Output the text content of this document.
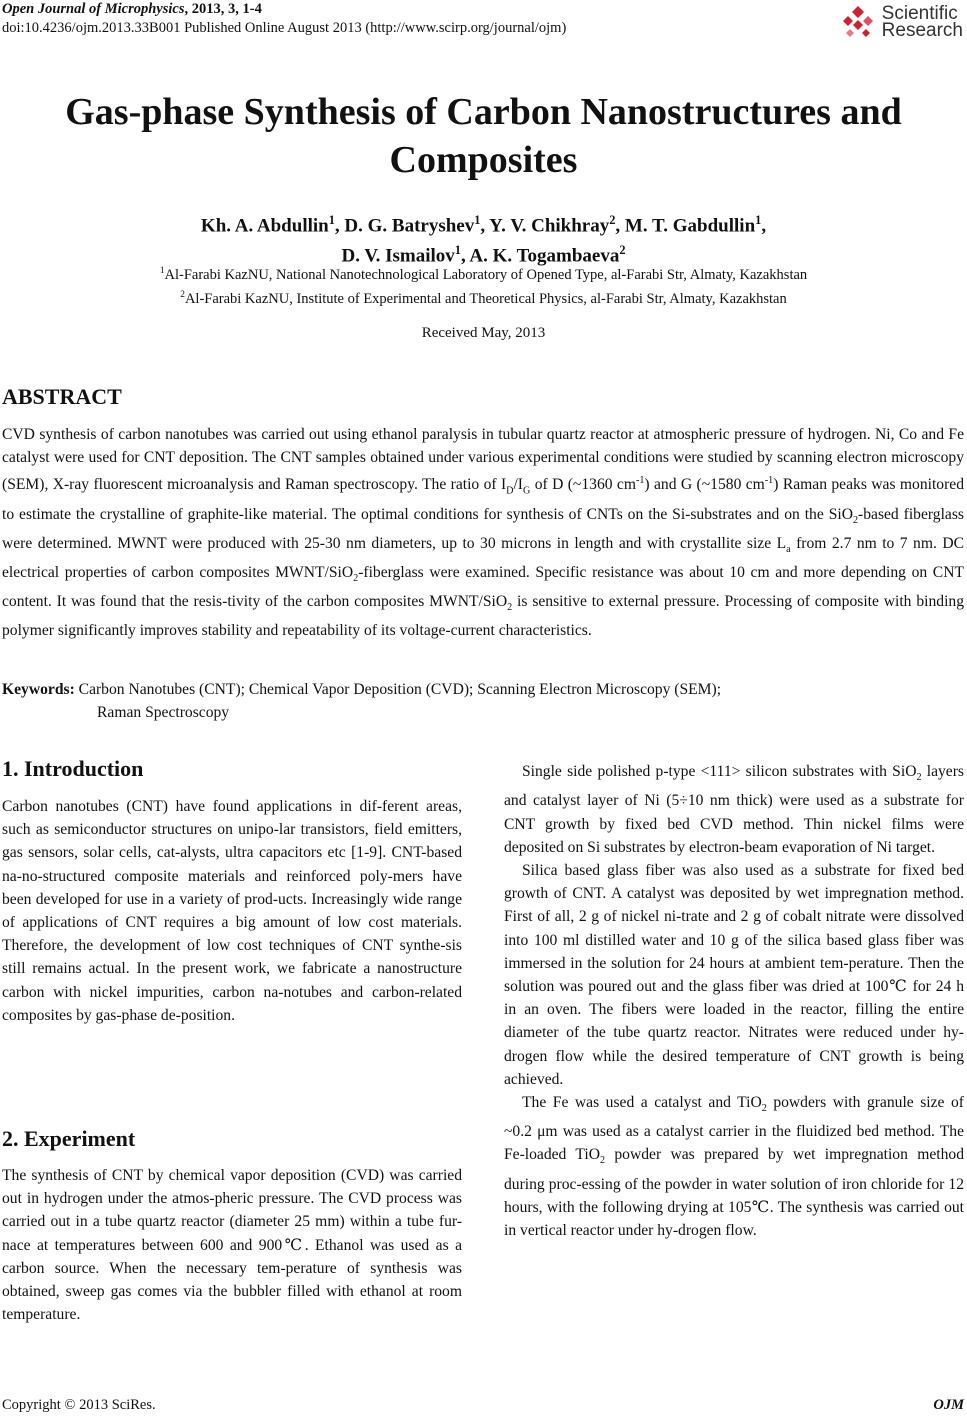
Open Journal of Microphysics, 2013, 3, 1-4
doi:10.4236/ojm.2013.33B001 Published Online August 2013 (http://www.scirp.org/journal/ojm)
Scientific
Research
Gas-phase Synthesis of Carbon Nanostructures and
Composites
Kh. A. Abdullin$^1$, D. G. Batryshev$^1$, Y. V. Chikhray$^2$, M. T. Gabdullin$^1$,
D. V. Ismailov$^1$, A. K. Togambaeva$^2$
$^1$Al-Farabi KazNU, National Nanotechnological Laboratory of Opened Type, al-Farabi Str, Almaty, Kazakhstan
$^2$Al-Farabi KazNU, Institute of Experimental and Theoretical Physics, al-Farabi Str, Almaty, Kazakhstan
Received May, 2013
ABSTRACT
CVD synthesis of carbon nanotubes was carried out using ethanol paralysis in tubular quartz reactor at atmospheric pressure of hydrogen. Ni, Co and Fe catalyst were used for CNT deposition. The CNT samples obtained under various experimental conditions were studied by scanning electron microscopy (SEM), X-ray fluorescent microanalysis and Raman spectroscopy. The ratio of $I_D/I_G$ of D (~1360 $cm^{-1}$) and G (~1580 $cm^{-1}$) Raman peaks was monitored to estimate the crystalline of graphite-like material. The optimal conditions for synthesis of CNTs on the Si-substrates and on the SiO$_2$-based fiberglass were determined. MWNT were produced with 25-30 nm diameters, up to 30 microns in length and with crystallite size $L_a$ from 2.7 nm to 7 nm. DC electrical properties of carbon composites MWNT/SiO$_2$-fiberglass were examined. Specific resistance was about 10 cm and more depending on CNT content. It was found that the resis-tivity of the carbon composites MWNT/SiO$_2$ is sensitive to external pressure. Processing of composite with binding polymer significantly improves stability and repeatability of its voltage-current characteristics.
Keywords: Carbon Nanotubes (CNT); Chemical Vapor Deposition (CVD); Scanning Electron Microscopy (SEM);
Raman Spectroscopy
1. Introduction

Carbon nanotubes (CNT) have found applications in dif-ferent areas, such as semiconductor structures on unipo-lar transistors, field emitters, gas sensors, solar cells, cat-alysts, ultra capacitors etc [1-9]. CNT-based na-no-structured composite materials and reinforced poly-mers have been developed for use in a variety of prod-ucts. Increasingly wide range of applications of CNT requires a big amount of low cost materials. Therefore, the development of low cost techniques of CNT synthe-sis still remains actual. In the present work, we fabricate a nanostructure carbon with nickel impurities, carbon na-notubes and carbon-related composites by gas-phase de-position.

2. Experiment

The synthesis of CNT by chemical vapor deposition (CVD) was carried out in hydrogen under the atmos-pheric pressure. The CVD process was carried out in a tube quartz reactor (diameter 25 mm) within a tube fur-nace at temperatures between 600 and 900℃. Ethanol was used as a carbon source. When the necessary tem-perature of synthesis was obtained, sweep gas comes via the bubbler filled with ethanol at room temperature.

Single side polished p-type <111> silicon substrates with SiO$_2$ layers and catalyst layer of Ni (5÷10 nm thick) were used as a substrate for CNT growth by fixed bed CVD method. Thin nickel films were deposited on Si substrates by electron-beam evaporation of Ni target.

Silica based glass fiber was also used as a substrate for fixed bed growth of CNT. A catalyst was deposited by wet impregnation method. First of all, 2 g of nickel ni-trate and 2 g of cobalt nitrate were dissolved into 100 ml distilled water and 10 g of the silica based glass fiber was immersed in the solution for 24 hours at ambient tem-perature. Then the solution was poured out and the glass fiber was dried at 100℃ for 24 h in an oven. The fibers were loaded in the reactor, filling the entire diameter of the tube quartz reactor. Nitrates were reduced under hy-drogen flow while the desired temperature of CNT growth is being achieved.

The Fe was used a catalyst and TiO$_2$ powders with granule size of ~0.2 μm was used as a catalyst carrier in the fluidized bed method. The Fe-loaded TiO$_2$ powder was prepared by wet impregnation method during proc-essing of the powder in water solution of iron chloride for 12 hours, with the following drying at 105℃. The synthesis was carried out in vertical reactor under hy-drogen flow.

Copyright © 2013 SciRes.	OJM
